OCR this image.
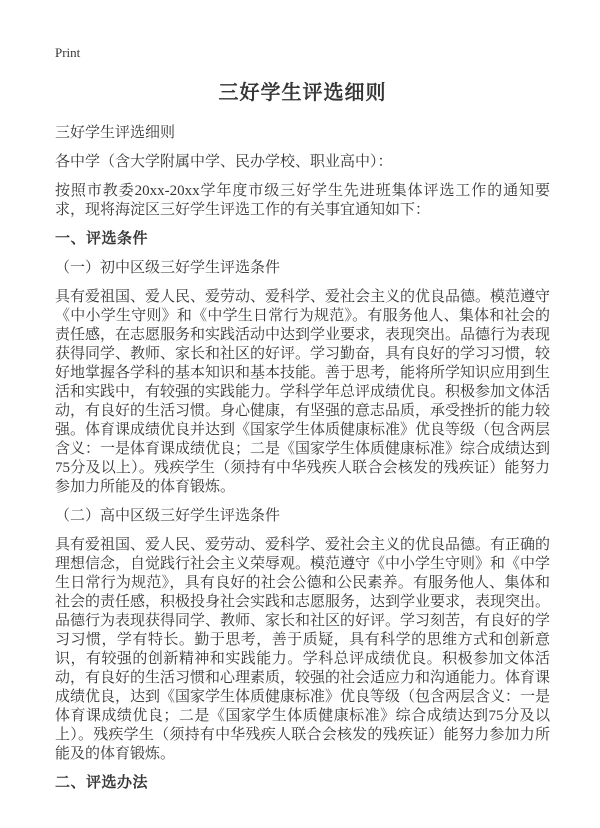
Print
三好学生评选细则
三好学生评选细则
各中学（含大学附属中学、民办学校、职业高中）：
按照市教委20xx-20xx学年度市级三好学生先进班集体评选工作的通知要求，现将海淀区三好学生评选工作的有关事宜通知如下：
一、评选条件
（一）初中区级三好学生评选条件
具有爱祖国、爱人民、爱劳动、爱科学、爱社会主义的优良品德。模范遵守《中小学生守则》和《中学生日常行为规范》。有服务他人、集体和社会的责任感，在志愿服务和实践活动中达到学业要求，表现突出。品德行为表现获得同学、教师、家长和社区的好评。学习勤奋，具有良好的学习习惯，较好地掌握各学科的基本知识和基本技能。善于思考，能将所学知识应用到生活和实践中，有较强的实践能力。学科学年总评成绩优良。积极参加文体活动，有良好的生活习惯。身心健康，有坚强的意志品质，承受挫折的能力较强。体育课成绩优良并达到《国家学生体质健康标准》优良等级（包含两层含义：一是体育课成绩优良；二是《国家学生体质健康标准》综合成绩达到75分及以上）。残疾学生（须持有中华残疾人联合会核发的残疾证）能努力参加力所能及的体育锻炼。
（二）高中区级三好学生评选条件
具有爱祖国、爱人民、爱劳动、爱科学、爱社会主义的优良品德。有正确的理想信念，自觉践行社会主义荣辱观。模范遵守《中小学生守则》和《中学生日常行为规范》，具有良好的社会公德和公民素养。有服务他人、集体和社会的责任感，积极投身社会实践和志愿服务，达到学业要求，表现突出。品德行为表现获得同学、教师、家长和社区的好评。学习刻苦，有良好的学习习惯，学有特长。勤于思考，善于质疑，具有科学的思维方式和创新意识，有较强的创新精神和实践能力。学科总评成绩优良。积极参加文体活动，有良好的生活习惯和心理素质，较强的社会适应力和沟通能力。体育课成绩优良，达到《国家学生体质健康标准》优良等级（包含两层含义：一是体育课成绩优良；二是《国家学生体质健康标准》综合成绩达到75分及以上）。残疾学生（须持有中华残疾人联合会核发的残疾证）能努力参加力所能及的体育锻炼。
二、评选办法
